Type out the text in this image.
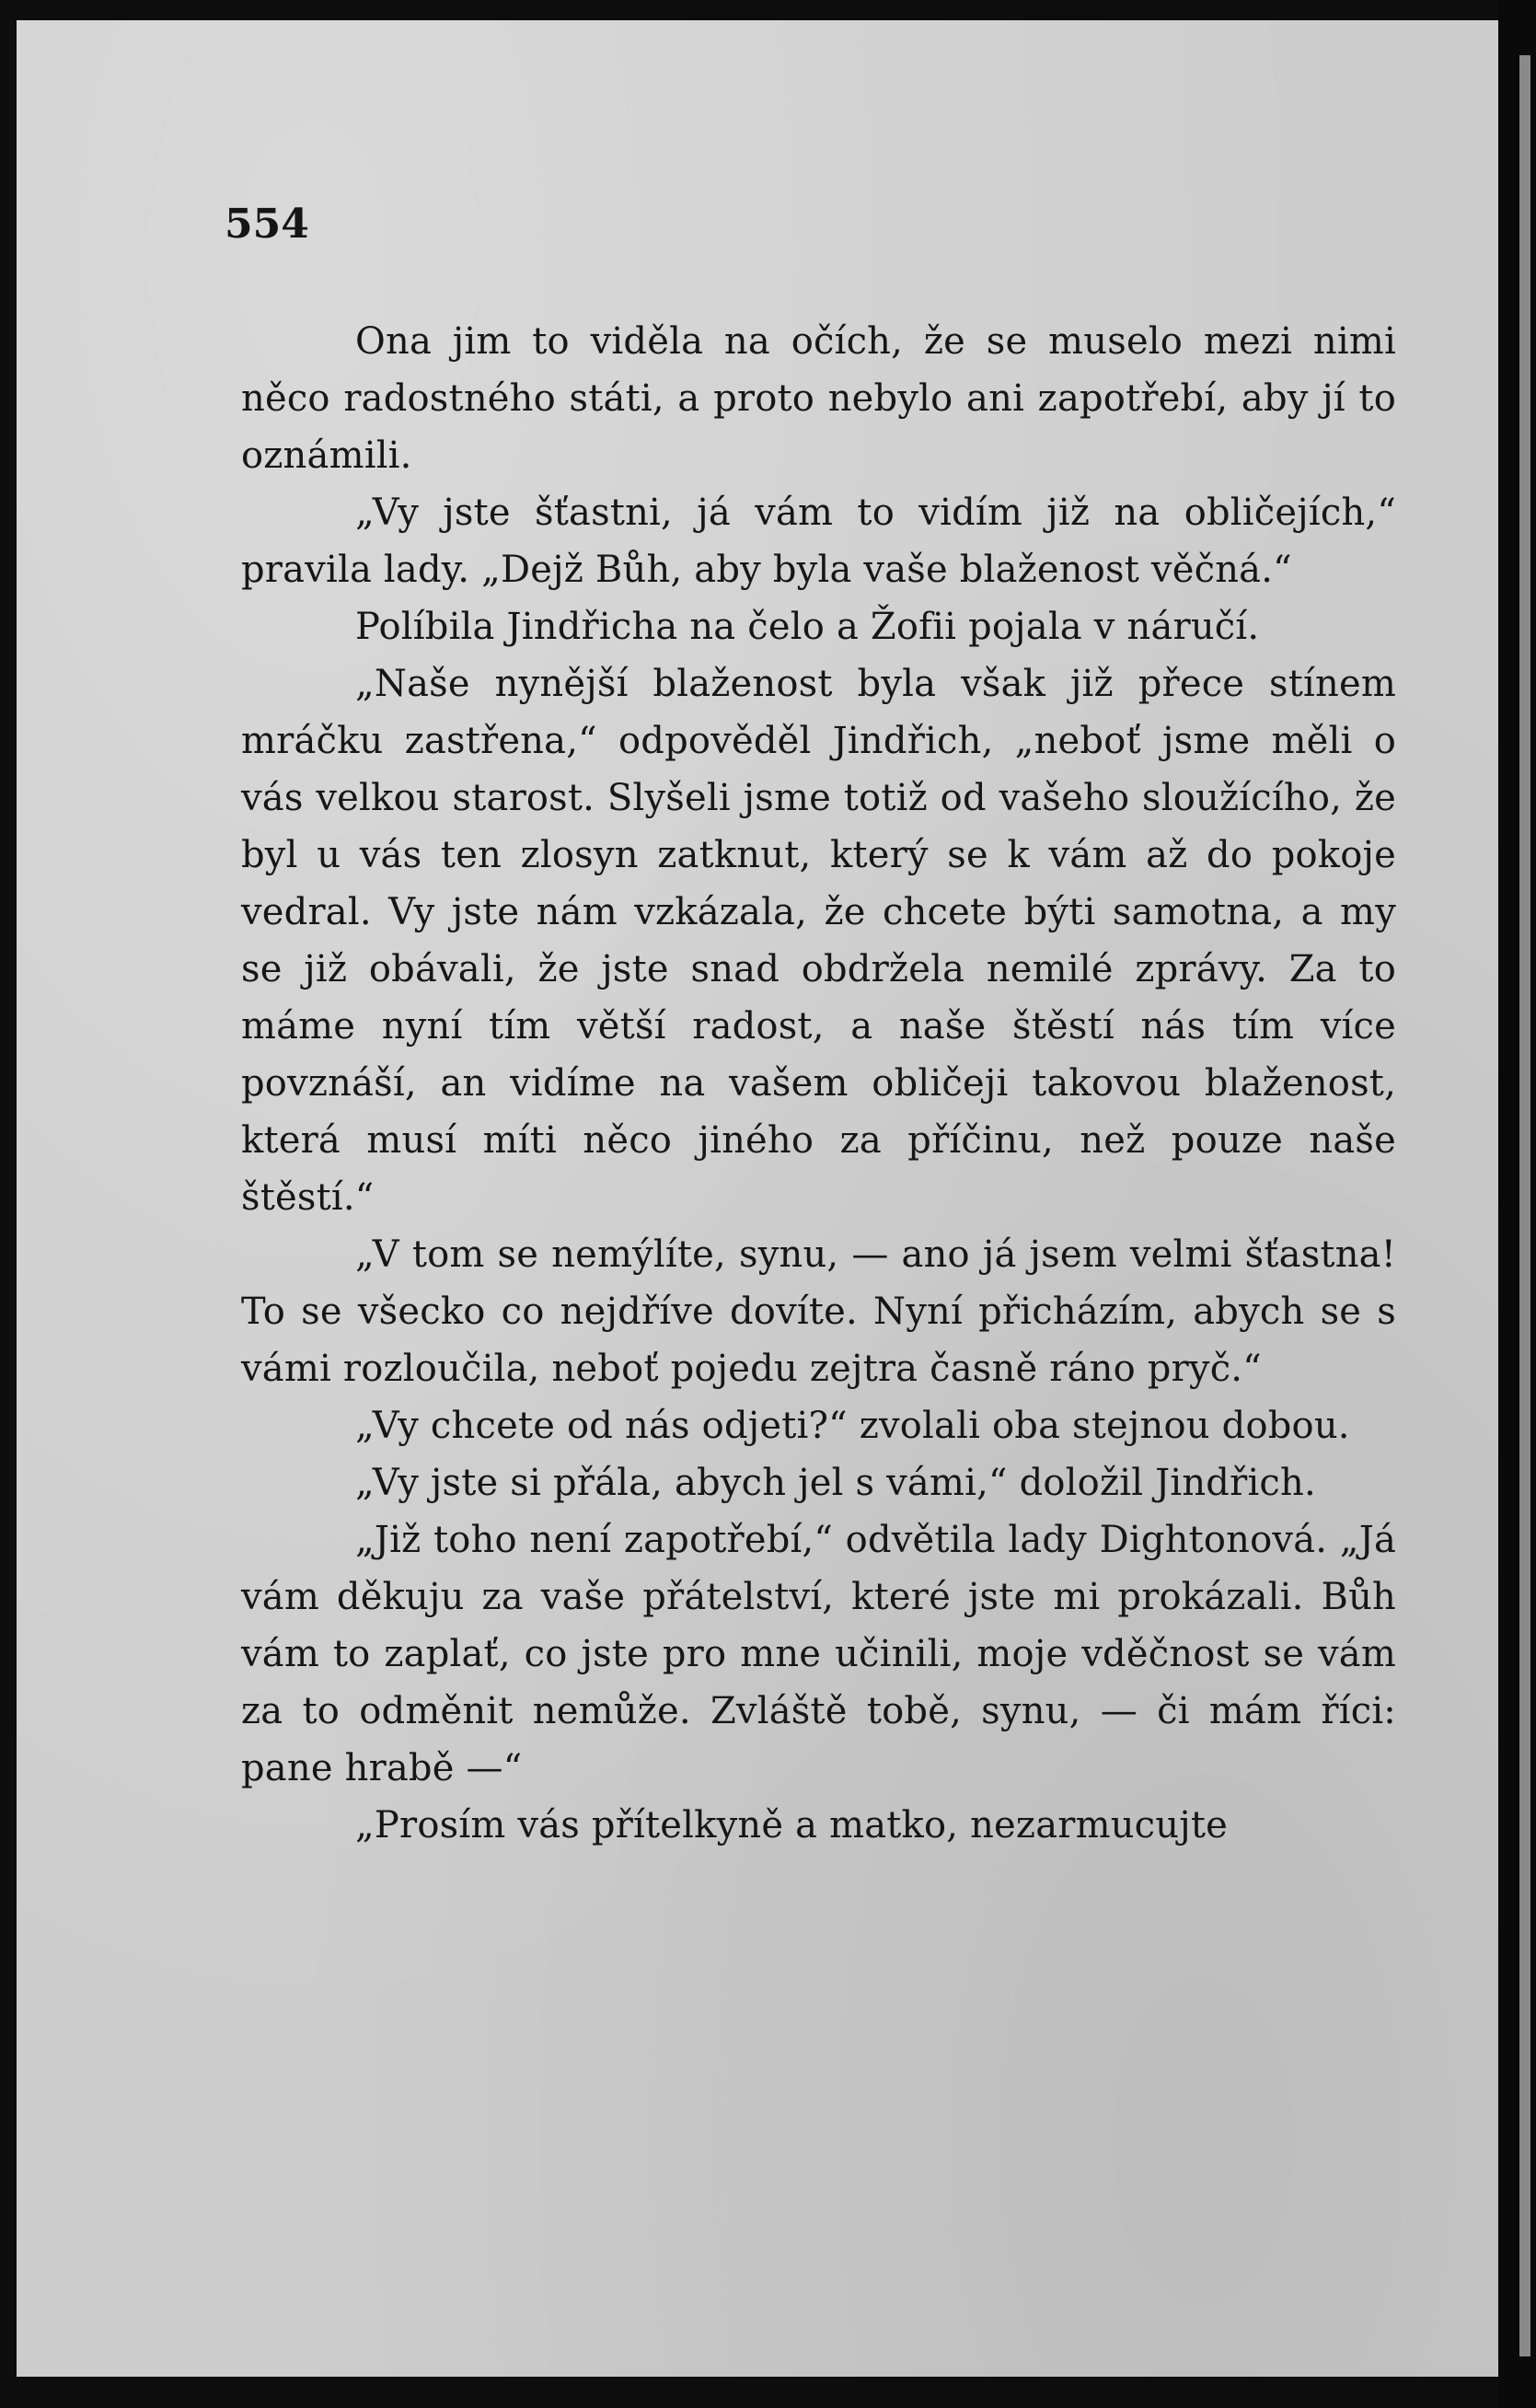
554

Ona jim to viděla na očích, že se muselo mezi nimi něco radostného státi, a proto nebylo ani zapotřebí, aby jí to oznámili.

„Vy jste šťastni, já vám to vidím již na obličejích,“ pravila lady. „Dejž Bůh, aby byla vaše blaženost věčná.“

Políbila Jindřicha na čelo a Žofii pojala v náručí.

„Naše nynější blaženost byla však již přece stínem mráčku zastřena,“ odpověděl Jindřich, „neboť jsme měli o vás velkou starost. Slyšeli jsme totiž od vašeho sloužícího, že byl u vás ten zlosyn zatknut, který se k vám až do pokoje vedral. Vy jste nám vzkázala, že chcete býti samotna, a my se již obávali, že jste snad obdržela nemilé zprávy. Za to máme nyní tím větší radost, a naše štěstí nás tím více povznáší, an vidíme na vašem obličeji takovou blaženost, která musí míti něco jiného za příčinu, než pouze naše štěstí.“

„V tom se nemýlíte, synu, — ano já jsem velmi šťastna! To se všecko co nejdříve dovíte. Nyní přicházím, abych se s vámi rozloučila, neboť pojedu zejtra časně ráno pryč.“

„Vy chcete od nás odjeti?“ zvolali oba stejnou dobou.

„Vy jste si přála, abych jel s vámi,“ doložil Jindřich.

„Již toho není zapotřebí,“ odvětila lady Dightonová. „Já vám děkuju za vaše přátelství, které jste mi prokázali. Bůh vám to zaplať, co jste pro mne učinili, moje vděčnost se vám za to odměnit nemůže. Zvláště tobě, synu, — či mám říci: pane hrabě —“

„Prosím vás přítelkyně a matko, nezarmucujte
